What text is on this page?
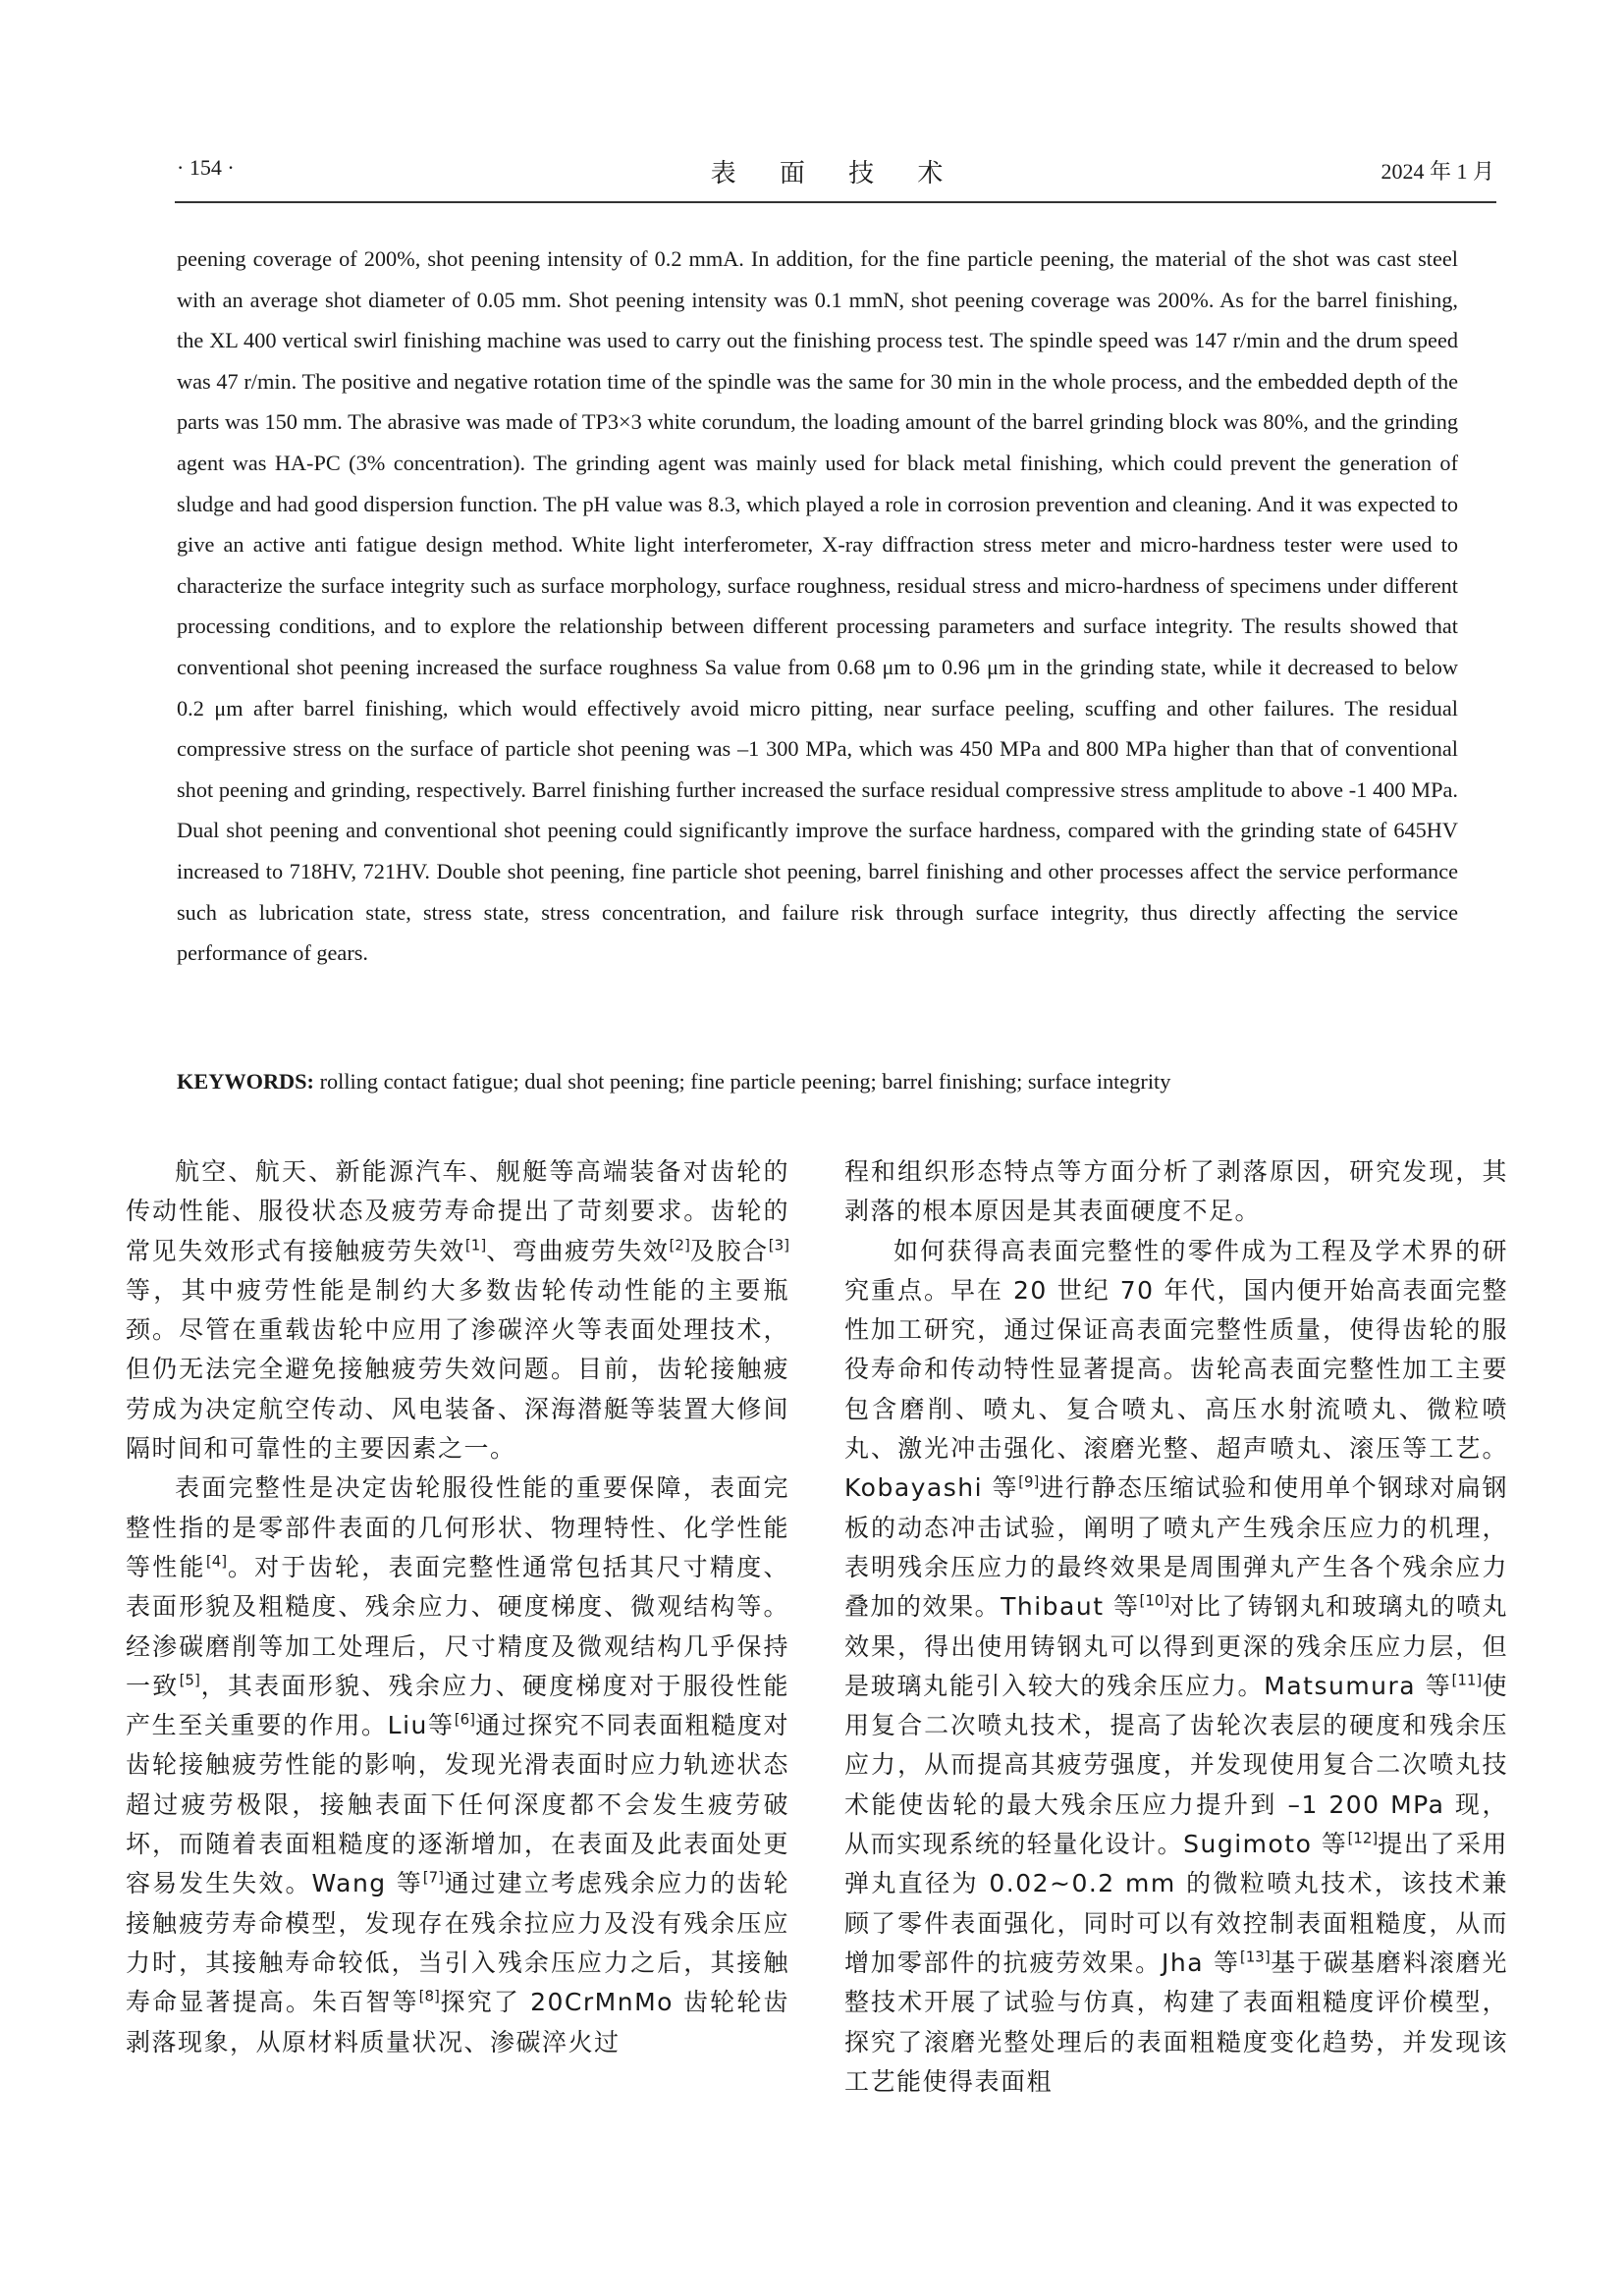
· 154 ·	表 面 技 术	2024 年 1 月

peening coverage of 200%, shot peening intensity of 0.2 mmA. In addition, for the fine particle peening, the material of the shot was cast steel with an average shot diameter of 0.05 mm. Shot peening intensity was 0.1 mmN, shot peening coverage was 200%. As for the barrel finishing, the XL 400 vertical swirl finishing machine was used to carry out the finishing process test. The spindle speed was 147 r/min and the drum speed was 47 r/min. The positive and negative rotation time of the spindle was the same for 30 min in the whole process, and the embedded depth of the parts was 150 mm. The abrasive was made of TP3×3 white corundum, the loading amount of the barrel grinding block was 80%, and the grinding agent was HA-PC (3% concentration). The grinding agent was mainly used for black metal finishing, which could prevent the generation of sludge and had good dispersion function. The pH value was 8.3, which played a role in corrosion prevention and cleaning. And it was expected to give an active anti fatigue design method. White light interferometer, X-ray diffraction stress meter and micro-hardness tester were used to characterize the surface integrity such as surface morphology, surface roughness, residual stress and micro-hardness of specimens under different processing conditions, and to explore the relationship between different processing parameters and surface integrity. The results showed that conventional shot peening increased the surface roughness Sa value from 0.68 μm to 0.96 μm in the grinding state, while it decreased to below 0.2 μm after barrel finishing, which would effectively avoid micro pitting, near surface peeling, scuffing and other failures. The residual compressive stress on the surface of particle shot peening was –1 300 MPa, which was 450 MPa and 800 MPa higher than that of conventional shot peening and grinding, respectively. Barrel finishing further increased the surface residual compressive stress amplitude to above -1 400 MPa. Dual shot peening and conventional shot peening could significantly improve the surface hardness, compared with the grinding state of 645HV increased to 718HV, 721HV. Double shot peening, fine particle shot peening, barrel finishing and other processes affect the service performance such as lubrication state, stress state, stress concentration, and failure risk through surface integrity, thus directly affecting the service performance of gears.

KEYWORDS: rolling contact fatigue; dual shot peening; fine particle peening; barrel finishing; surface integrity

航空、航天、新能源汽车、舰艇等高端装备对齿轮的传动性能、服役状态及疲劳寿命提出了苛刻要求。齿轮的常见失效形式有接触疲劳失效[1]、弯曲疲劳失效[2]及胶合[3]等，其中疲劳性能是制约大多数齿轮传动性能的主要瓶颈。尽管在重载齿轮中应用了渗碳淬火等表面处理技术，但仍无法完全避免接触疲劳失效问题。目前，齿轮接触疲劳成为决定航空传动、风电装备、深海潜艇等装置大修间隔时间和可靠性的主要因素之一。

表面完整性是决定齿轮服役性能的重要保障，表面完整性指的是零部件表面的几何形状、物理特性、化学性能等性能[4]。对于齿轮，表面完整性通常包括其尺寸精度、表面形貌及粗糙度、残余应力、硬度梯度、微观结构等。经渗碳磨削等加工处理后，尺寸精度及微观结构几乎保持一致[5]，其表面形貌、残余应力、硬度梯度对于服役性能产生至关重要的作用。Liu等[6]通过探究不同表面粗糙度对齿轮接触疲劳性能的影响，发现光滑表面时应力轨迹状态超过疲劳极限，接触表面下任何深度都不会发生疲劳破坏，而随着表面粗糙度的逐渐增加，在表面及此表面处更容易发生失效。Wang 等[7]通过建立考虑残余应力的齿轮接触疲劳寿命模型，发现存在残余拉应力及没有残余压应力时，其接触寿命较低，当引入残余压应力之后，其接触寿命显著提高。朱百智等[8]探究了 20CrMnMo 齿轮轮齿剥落现象，从原材料质量状况、渗碳淬火过

程和组织形态特点等方面分析了剥落原因，研究发现，其剥落的根本原因是其表面硬度不足。

如何获得高表面完整性的零件成为工程及学术界的研究重点。早在 20 世纪 70 年代，国内便开始高表面完整性加工研究，通过保证高表面完整性质量，使得齿轮的服役寿命和传动特性显著提高。齿轮高表面完整性加工主要包含磨削、喷丸、复合喷丸、高压水射流喷丸、微粒喷丸、激光冲击强化、滚磨光整、超声喷丸、滚压等工艺。Kobayashi 等[9]进行静态压缩试验和使用单个钢球对扁钢板的动态冲击试验，阐明了喷丸产生残余压应力的机理，表明残余压应力的最终效果是周围弹丸产生各个残余应力叠加的效果。Thibaut 等[10]对比了铸钢丸和玻璃丸的喷丸效果，得出使用铸钢丸可以得到更深的残余压应力层，但是玻璃丸能引入较大的残余压应力。Matsumura 等[11]使用复合二次喷丸技术，提高了齿轮次表层的硬度和残余压应力，从而提高其疲劳强度，并发现使用复合二次喷丸技术能使齿轮的最大残余压应力提升到 –1 200 MPa 现，从而实现系统的轻量化设计。Sugimoto 等[12]提出了采用弹丸直径为 0.02~0.2 mm 的微粒喷丸技术，该技术兼顾了零件表面强化，同时可以有效控制表面粗糙度，从而增加零部件的抗疲劳效果。Jha 等[13]基于碳基磨料滚磨光整技术开展了试验与仿真，构建了表面粗糙度评价模型，探究了滚磨光整处理后的表面粗糙度变化趋势，并发现该工艺能使得表面粗
